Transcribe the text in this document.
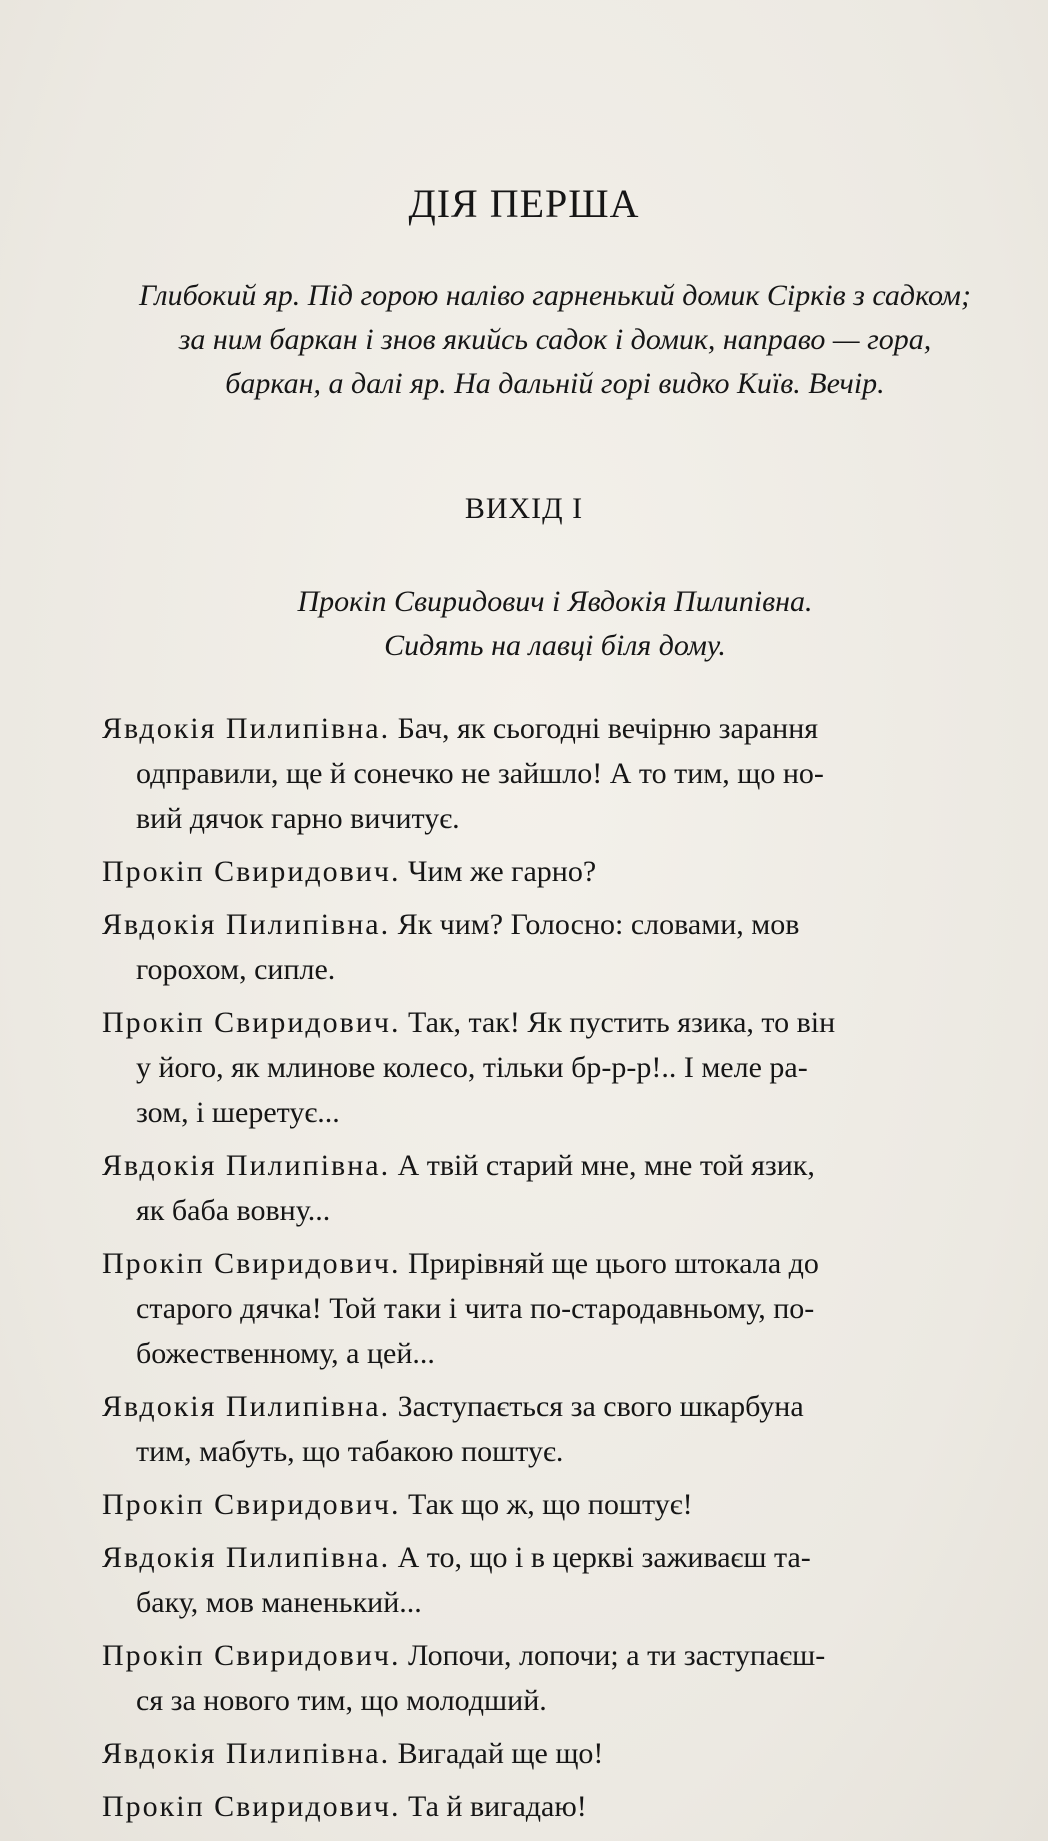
ДІЯ ПЕРША
Глибокий яр. Під горою наліво гарненький домик Сірків з садком;
за ним баркан і знов якийсь садок і домик, направо — гора,
баркан, а далі яр. На дальній горі видко Київ. Вечір.
ВИХІД І
Прокіп Свиридович і Явдокія Пилипівна.
Сидять на лавці біля дому.
Явдокія Пилипівна. Бач, як сьогодні вечірню зарання
одправили, ще й сонечко не зайшло! А то тим, що но-
вий дячок гарно вичитує.
Прокіп Свиридович. Чим же гарно?
Явдокія Пилипівна. Як чим? Голосно: словами, мов
горохом, сипле.
Прокіп Свиридович. Так, так! Як пустить язика, то він
у його, як млинове колесо, тільки бр-р-р!.. І меле ра-
зом, і шеретує...
Явдокія Пилипівна. А твій старий мне, мне той язик,
як баба вовну...
Прокіп Свиридович. Прирівняй ще цього штокала до
старого дячка! Той таки і чита по-стародавньому, по-
божественному, а цей...
Явдокія Пилипівна. Заступається за свого шкарбуна
тим, мабуть, що табакою поштує.
Прокіп Свиридович. Так що ж, що поштує!
Явдокія Пилипівна. А то, що і в церкві заживаєш та-
баку, мов маненький...
Прокіп Свиридович. Лопочи, лопочи; а ти заступаєш-
ся за нового тим, що молодший.
Явдокія Пилипівна. Вигадай ще що!
Прокіп Свиридович. Та й вигадаю!
